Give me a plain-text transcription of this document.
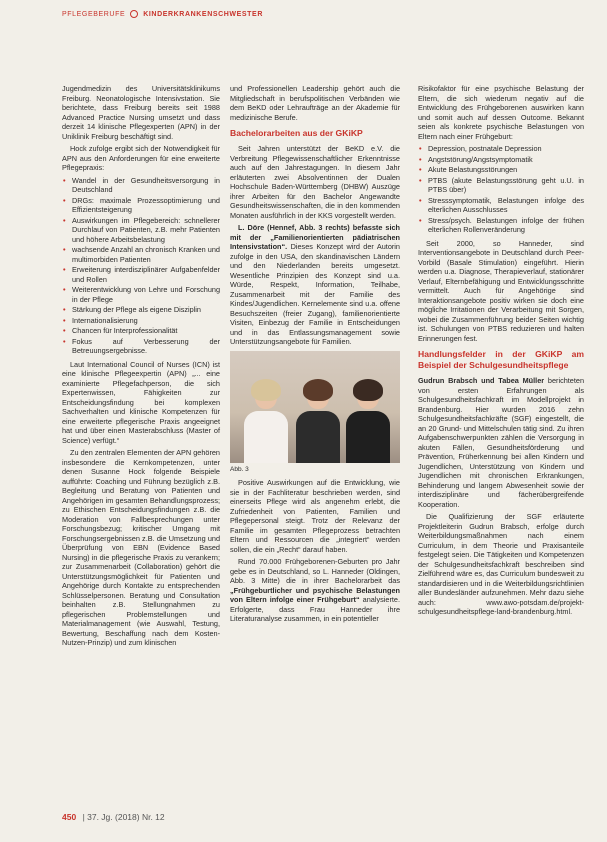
PFLEGEBERUFE	KINDERKRANKENSCHWESTER

Jugendmedizin des Universitätsklinikums Freiburg. Neonatologische Intensivstation. Sie berichtete, dass Freiburg bereits seit 1988 Advanced Practice Nursing umsetzt und dass derzeit 14 klinische Pflegexperten (APN) in der Uniklinik Freiburg beschäftigt sind.

Hock zufolge ergibt sich der Notwendigkeit für APN aus den Anforderungen für eine erweiterte Pflegepraxis:

• Wandel in der Gesundheitsversorgung in Deutschland
• DRGs: maximale Prozessoptimierung und Effizientsteigerung
• Auswirkungen im Pflegebereich: schnellerer Durchlauf von Patienten, z.B. mehr Patienten und höhere Arbeitsbelastung
• wachsende Anzahl an chronisch Kranken und multimorbiden Patienten
• Erweiterung interdisziplinärer Aufgabenfelder und Rollen
• Weiterentwicklung von Lehre und Forschung in der Pflege
• Stärkung der Pflege als eigene Disziplin
• Internationalisierung
• Chancen für Interprofessionalität
• Fokus auf Verbesserung der Betreuungsergebnisse.

Laut International Council of Nurses (ICN) ist eine klinische Pflegeexpertin (APN) „... eine examinierte Pflegefachperson, die sich Expertenwissen, Fähigkeiten zur Entscheidungsfindung bei komplexen Sachverhalten und klinische Kompetenzen für eine erweiterte pflegerische Praxis angeeignet hat und über einen Masterabschluss (Master of Science) verfügt.“

Zu den zentralen Elementen der APN gehören insbesondere die Kernkompetenzen, unter denen Susanne Hock folgende Beispiele aufführte: Coaching und Führung bezüglich z.B. Begleitung und Beratung von Patienten und Angehörigen im gesamten Behandlungsprozess; zu Ethischen Entscheidungsfindungen z.B. die Moderation von Fallbesprechungen unter Forschungsbezug; kritischer Umgang mit Forschungsergebnissen z.B. die Umsetzung und Überprüfung von EBN (Evidence Based Nursing) in die pflegerische Praxis zu verankern; zur Zusammenarbeit (Collaboration) gehört die Unterstützungsmöglichkeit für Patienten und Angehörige durch Kontakte zu entsprechenden Schlüsselpersonen. Beratung und Consultation beinhalten z.B. Stellungnahmen zu pflegerischen Problemstellungen und Materialmanagement (wie Auswahl, Testung, Bewertung, Beschaffung nach dem Kosten-Nutzen-Prinzip) und zum klinischen

und Professionellen Leadership gehört auch die Mitgliedschaft in berufspolitischen Verbänden wie dem BeKD oder Lehraufträge an der Akademie für medizinische Berufe.

Bachelorarbeiten aus der GKiKP

Seit Jahren unterstützt der BeKD e.V. die Verbreitung Pflegewissenschaftlicher Erkenntnisse auch auf den Jahrestagungen. In diesem Jahr erläuterten zwei Absolventinnen der Dualen Hochschule Baden-Württemberg (DHBW) Auszüge ihrer Arbeiten für den Bachelor Angewandte Gesundheitswissenschaften, die in den kommenden Monaten ausführlich in der KKS vorgestellt werden.

L. Döre (Hennef, Abb. 3 rechts) befasste sich mit der „Familienorientierten pädiatrischen Intensivstation“. Dieses Konzept wird der Autorin zufolge in den USA, den skandinavischen Ländern und den Niederlanden bereits umgesetzt. Wesentliche Prinzipien des Konzept sind u.a. Würde, Respekt, Information, Teilhabe, Zusammenarbeit mit der Familie des Kindes/Jugendlichen. Kernelemente sind u.a. offene Besuchszeiten (freier Zugang), familienorientierte Visiten, Einbezug der Familie in Entscheidungen und in das Entlassungsmanagement sowie Unterstützungsangebote für Familien.

Abb. 3

Positive Auswirkungen auf die Entwicklung, wie sie in der Fachliteratur beschrieben werden, sind einerseits Pflege wird als angenehm erlebt, die Zufriedenheit von Patienten, Familien und Pflegepersonal steigt. Trotz der Relevanz der Familie im gesamten Pflegeprozess betrachten Eltern und Ressourcen die „integriert“ werden sollen, die ein „Recht“ darauf haben.

Rund 70.000 Frühgeborenen-Geburten pro Jahr gebe es in Deutschland, so L. Hanneder (Oldingen, Abb. 3 Mitte) die in ihrer Bachelorarbeit das „Frühgeburtlicher und psychische Belastungen von Eltern infolge einer Frühgeburt“ analysierte. Erfolgerte, dass Frau Hanneder ihre Literaturanalyse zusammen, in ein potentieller

Risikofaktor für eine psychische Belastung der Eltern, die sich wiederum negativ auf die Entwicklung des Frühgeborenen auswirken kann und somit auch auf dessen Outcome. Bekannt seien als konkrete psychische Belastungen von Eltern nach einer Frühgeburt:

• Depression, postnatale Depression
• Angststörung/Angstsymptomatik
• Akute Belastungsstörungen
• PTBS (akute Belastungsstörung geht u.U. in PTBS über)
• Stresssymptomatik, Belastungen infolge des elterlichen Ausschlusses
• Stress/psych. Belastungen infolge der frühen elterlichen Rollenveränderung

Seit 2000, so Hanneder, sind Interventionsangebote in Deutschland durch Peer-Vorbild (Basale Stimulation) eingeführt. Hierin werden u.a. Diagnose, Therapieverlauf, stationärer Verlauf, Elternbefähigung und Entwicklungsschritte vermittelt. Auch für Angehörige sind Interaktionsangebote positiv wirken sie doch eine mögliche Irritationen der Verarbeitung mit Sorgen, wobei die Zusammenführung beider Seiten wichtig ist. Schulungen von PTBS reduzieren und halten Erinnerungen fest.

Handlungsfelder in der GKiKP am Beispiel der Schulgesundheitspflege

Gudrun Brabsch und Tabea Müller berichteten von ersten Erfahrungen als Schulgesundheitsfachkraft im Modellprojekt in Brandenburg. Hier wurden 2016 zehn Schulgesundheitsfachkräfte (SGF) eingestellt, die an 20 Grund- und Mittelschulen tätig sind. Zu ihren Aufgabenschwerpunkten zählen die Versorgung in akuten Fällen, Gesundheitsförderung und Prävention, Früherkennung bei allen Kindern und Jugendlichen, Unterstützung von Kindern und Jugendlichen mit chronischen Erkrankungen, Behinderung und langem Abwesenheit sowie der interdisziplinäre und fächerübergreifende Kooperation.

Die Qualifizierung der SGF erläuterte Projektleiterin Gudrun Brabsch, erfolge durch Weiterbildungsmaßnahmen nach einem Curriculum, in dem Theorie und Praxisanteile festgelegt seien. Die Tätigkeiten und Kompetenzen der Schulgesundheitsfachkraft beschreiben sind Zielführend wäre es, das Curriculum bundesweit zu standardisieren und in die Weiterbildungsrichtlinien aller Bundesländer aufzunehmen. Mehr dazu siehe auch: www.awo-potsdam.de/projekt-schulgesundheitspflege-land-brandenburg.html.

450 | 37. Jg. (2018) Nr. 12
